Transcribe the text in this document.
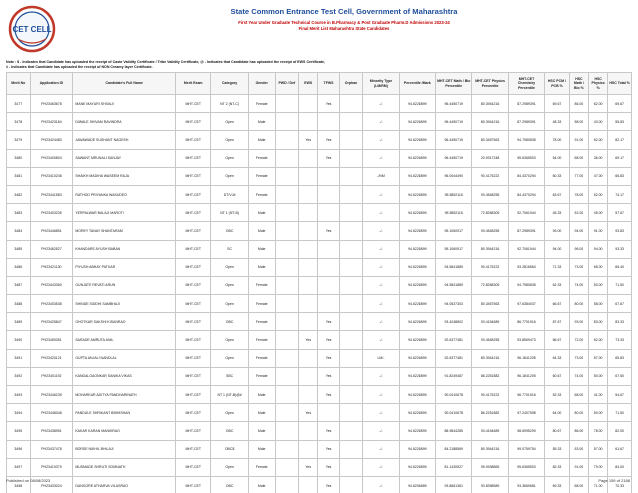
CET CELL
State Common Entrance Test Cell, Government of Maharashtra
First Year Under Graduate Technical Course in B.Pharmacy & Post Graduate Pharm.D Admissions 2023-24
Final Merit List Maharashtra State Candidates
Note : $ - Indicates that Candidate has uploaded the receipt of Caste Validity Certificate / Tribe Validity Certificate, @ - Indicates that Candidate has uploaded the receipt of EWS Certificate,
# - Indicates that Candidate has uploaded the receipt of NON Creamy layer Certificate.
Merit No	Application ID	Candidate's Full Name	Merit Exam	Category	Gender	PWD / Def	EWS	TFWS	Orphan	Minority Type (LM/RM)	Percentile /Mark	MHT-CET Math / Bio Percentile	MHT-CET Physics Percentile	MHT-CET Chemistry Percentile	HSC PCM / PCB %	HSC Math / Bio %	HSC Physics %	HSC Total %
3477	PH23463678	MANE MAYURI SHIVAJI	MHT-CET	NT 2 (NT-C)	Female			Yes		-/-	94.6226899	96.4450719	80.3944216	87.2989391	69.67	86.00	62.00	69.67
3478	PH23423184	DIWALE SHIVAM RAVINDRA	MHT-CET	Open	Male					-/-	94.6226899	96.4450719	80.3944216	87.2989391	48.33	58.00	43.00	55.83
3479	PH23424483	JAWAWADE SUSHANT NAGESH	MHT-CET	Open	Male		Yes	Yes		-/-	94.6226899	96.4450719	80.3457563	94.7980835	78.00	91.00	62.00	82.17
3480	PH23400804	SAWANT MRUNALI SANJAY	MHT-CET	Open	Female			Yes		-/-	94.6226899	96.4450719	20.9317248	95.6365503	54.00	68.00	36.00	69.17
3481	PH23410248	SHAIKH MADIHA WASEEM RAJA	MHT-CET	Open	Female					-/NM	94.6226899	96.0044490	90.4175222	84.4370294	60.33	77.00	47.00	66.83
3482	PH23441583	RATHOD PRIYANKA WASUDEO	MHT-CET	DT/VJ#	Female					-/-	94.6226899	95.5852116	93.4548255	84.4370294	63.67	78.00	52.00	74.17
3483	PH23403235	YERPALWAR BALAJI MAROTI	MHT-CET	NT 1 (NT-B)	Male					-/-	94.6226899	95.5852116	72.8268309	92.7061944	45.33	52.00	45.00	57.67
3484	PH23446851	MOREY TANAY SHANTARAM	MHT-CET	OBC	Male			Yes		-/-	94.6226899	95.1060917	93.4548255	87.2989391	93.00	94.00	91.00	93.83
3485	PH23462527	KHANDARE AYUSH BABAN	MHT-CET	SC	Male					-/-	94.6226899	95.1060917	80.3944216	92.7061944	94.00	96.00	94.00	93.33
3486	PH23421130	PIYUSH ABHAY PATKAR	MHT-CET	Open	Male					-/-	94.6226899	94.5841889	90.4175222	93.2816564	71.33	73.00	65.00	66.40
3487	PH23443360	GUNJATE REVATI ARUN	MHT-CET	Open	Female					-/-	94.6226899	94.5841889	72.8268309	94.7980835	62.33	74.00	53.00	71.50
3488	PH23403538	SHINDE SIDDHI SAMBHAJI	MHT-CET	Open	Female					-/-	94.6226899	94.0537303	80.3457563	97.6384037	66.67	80.00	58.00	67.67
3489	PH23425847	GHOTKAR SAKSHI KISANRAO	MHT-CET	OBC	Female			Yes		-/-	94.6226899	93.4248802	93.4154689	86.7701916	87.67	93.00	83.00	83.33
3490	PH23450051	SARADE AMRUTA ANIL	MHT-CET	Open	Female		Yes	Yes		-/-	94.6226899	92.6377481	93.4548255	93.8569473	66.67	72.00	62.00	73.33
3491	PH23420121	GUPTA ANJALI NANDLAL	MHT-CET	Open	Female			Yes		LM/-	94.6226899	92.6377481	80.3944216	96.1841205	64.33	73.00	57.00	65.83
3492	PH23401192	KANDALGAONKAR SANIKA VIKAS	MHT-CET	SBC	Female			Yes		-/-	94.6226899	91.8249487	86.2251882	96.1841205	60.67	74.00	50.00	67.50
3493	PH23446239	MOHARKAR ADITYA PANDHARINATH	MHT-CET	NT 1 (NT-B)@#	Male			Yes		-/-	94.6226899	90.0410678	90.4175222	96.7701916	52.33	68.00	41.00	54.67
3494	PH23448348	PANDULE SHRIKANT BIBHISHAN	MHT-CET	Open	Male		Yes			-/-	94.6226899	90.0410678	86.2251882	97.2407598	64.00	80.00	50.00	71.50
3495	PH23438951	KAKAR KARAN MANIKRAO	MHT-CET	OBC	Male			Yes		-/-	94.6226899	88.9844285	93.4154689	98.6995209	80.67	86.00	78.00	82.00
3496	PH23437478	BORSE NIKHIL BHILAJI	MHT-CET	OBC$	Male			Yes		-/-	94.6226899	84.2188569	80.3944216	99.0759754	55.33	53.00	57.00	61.67
3497	PH23419379	MUSMADE SHRUTI SOMNATH	MHT-CET	Open	Female		Yes	Yes		-/-	94.6226899	81.1430527	99.0938869	95.6365503	82.33	91.00	79.00	84.00
3498	PH23433024	DANGORE ATHARVA VILASRAO	MHT-CET	OBC	Male			Yes		-/-	94.6206689	93.8661361	93.8398589	93.3669681	69.33	68.00	71.00	70.33
Published on 08/08/2023	Page 159 of 2188
